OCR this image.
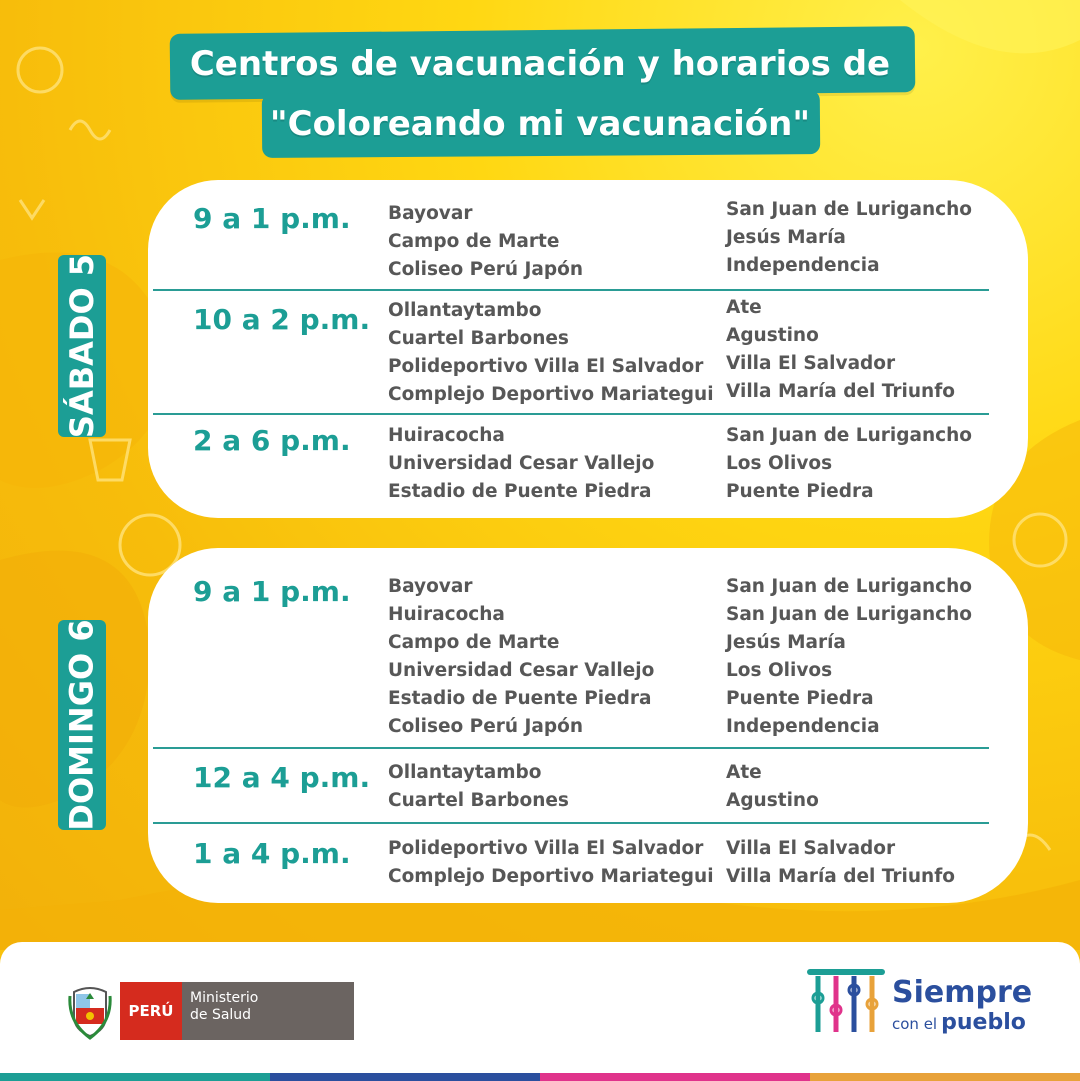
Centros de vacunación y horarios de
"Coloreando mi vacunación"
SÁBADO 5
DOMINGO 6
9 a 1 p.m. Bayovar
Campo de Marte
Coliseo Perú Japón
San Juan de Lurigancho
Jesús María
Independencia
10 a 2 p.m. Ollantaytambo
Cuartel Barbones
Polideportivo Villa El Salvador
Complejo Deportivo Mariategui
Ate
Agustino
Villa El Salvador
Villa María del Triunfo
2 a 6 p.m. Huiracocha
Universidad Cesar Vallejo
Estadio de Puente Piedra
San Juan de Lurigancho
Los Olivos
Puente Piedra
9 a 1 p.m. Bayovar
Huiracocha
Campo de Marte
Universidad Cesar Vallejo
Estadio de Puente Piedra
Coliseo Perú Japón
San Juan de Lurigancho
San Juan de Lurigancho
Jesús María
Los Olivos
Puente Piedra
Independencia
12 a 4 p.m. Ollantaytambo
Cuartel Barbones
Ate
Agustino
1 a 4 p.m. Polideportivo Villa El Salvador
Complejo Deportivo Mariategui
Villa El Salvador
Villa María del Triunfo
PERÚ
Ministerio
de Salud
Siempre
con el pueblo
